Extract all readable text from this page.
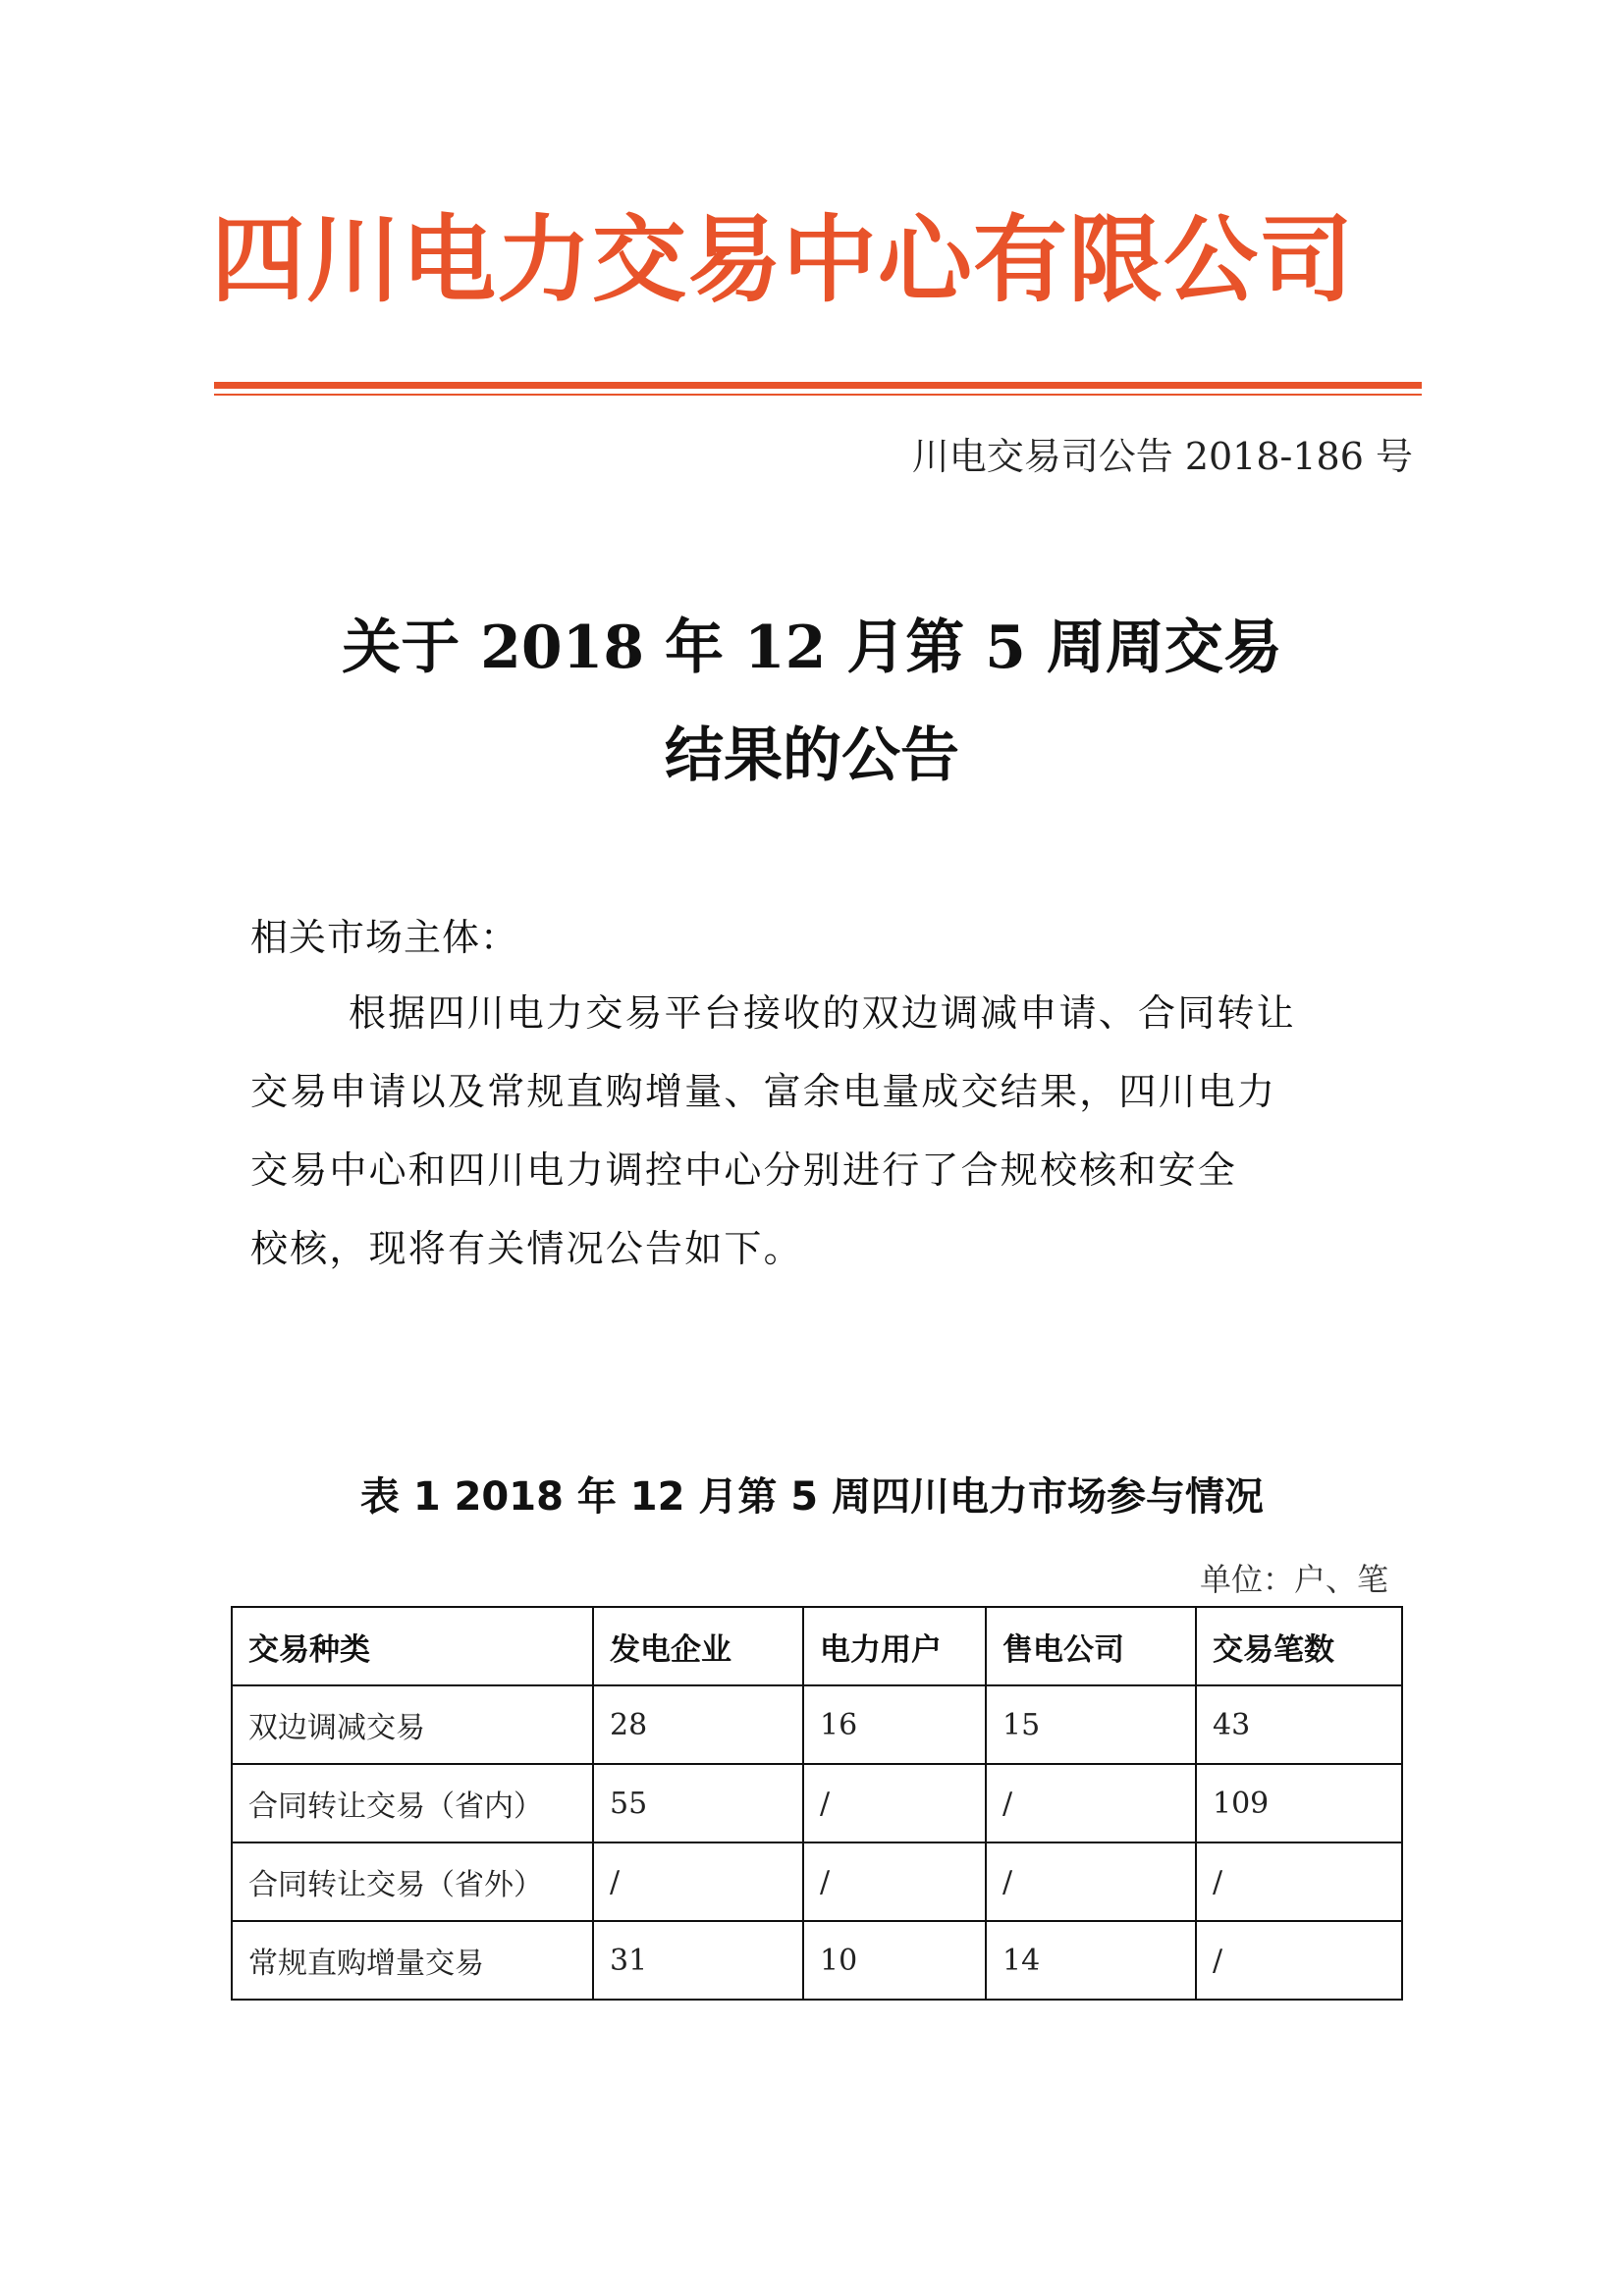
四川电力交易中心有限公司
川电交易司公告 2018-186 号
关于 2018 年 12 月第 5 周周交易
结果的公告
相关市场主体：
根据四川电力交易平台接收的双边调减申请、合同转让
交易申请以及常规直购增量、富余电量成交结果，四川电力
交易中心和四川电力调控中心分别进行了合规校核和安全
校核，现将有关情况公告如下。
表 1 2018 年 12 月第 5 周四川电力市场参与情况
单位：户、笔
交易种类	发电企业	电力用户	售电公司	交易笔数
双边调减交易	28	16	15	43
合同转让交易（省内）	55	/	/	109
合同转让交易（省外）	/	/	/	/
常规直购增量交易	31	10	14	/
